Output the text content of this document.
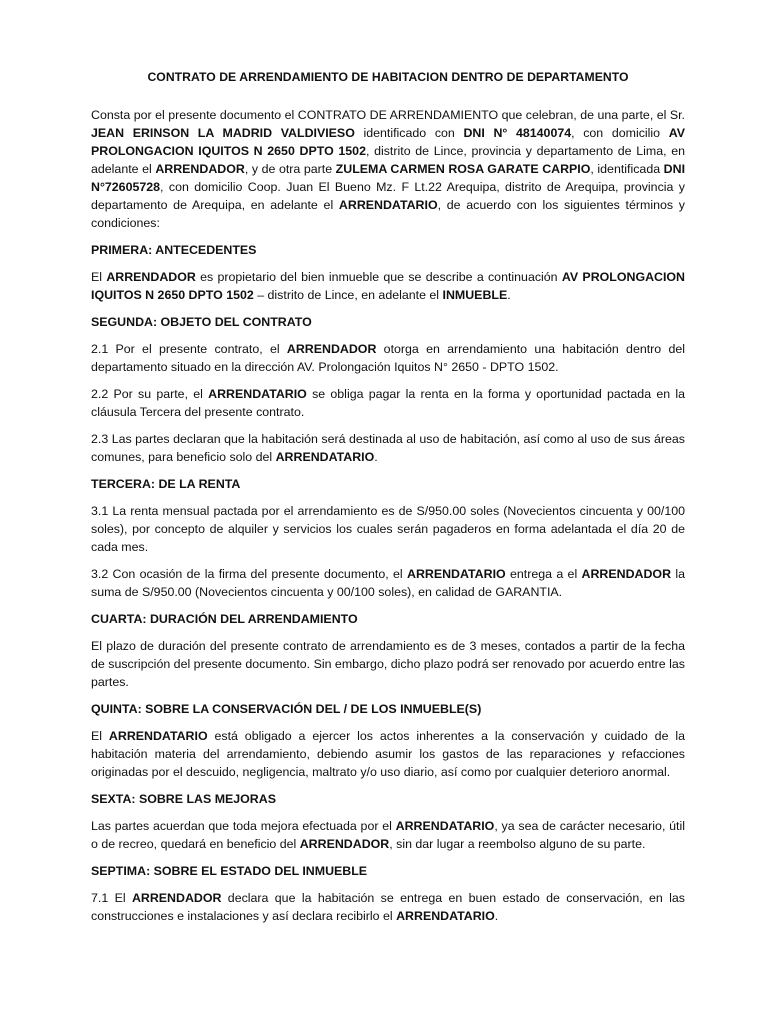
CONTRATO DE ARRENDAMIENTO DE HABITACION DENTRO DE DEPARTAMENTO
Consta por el presente documento el CONTRATO DE ARRENDAMIENTO que celebran, de una parte, el Sr. JEAN ERINSON LA MADRID VALDIVIESO identificado con DNI N° 48140074, con domicilio AV PROLONGACION IQUITOS N 2650 DPTO 1502, distrito de Lince, provincia y departamento de Lima, en adelante el ARRENDADOR, y de otra parte ZULEMA CARMEN ROSA GARATE CARPIO, identificada DNI N°72605728, con domicilio Coop. Juan El Bueno Mz. F Lt.22 Arequipa, distrito de Arequipa, provincia y departamento de Arequipa, en adelante el ARRENDATARIO, de acuerdo con los siguientes términos y condiciones:
PRIMERA: ANTECEDENTES
El ARRENDADOR es propietario del bien inmueble que se describe a continuación AV PROLONGACION IQUITOS N 2650 DPTO 1502 – distrito de Lince, en adelante el INMUEBLE.
SEGUNDA: OBJETO DEL CONTRATO
2.1 Por el presente contrato, el ARRENDADOR otorga en arrendamiento una habitación dentro del departamento situado en la dirección AV. Prolongación Iquitos N° 2650 - DPTO 1502.
2.2 Por su parte, el ARRENDATARIO se obliga pagar la renta en la forma y oportunidad pactada en la cláusula Tercera del presente contrato.
2.3 Las partes declaran que la habitación será destinada al uso de habitación, así como al uso de sus áreas comunes, para beneficio solo del ARRENDATARIO.
TERCERA: DE LA RENTA
3.1 La renta mensual pactada por el arrendamiento es de S/950.00 soles (Novecientos cincuenta y 00/100 soles), por concepto de alquiler y servicios los cuales serán pagaderos en forma adelantada el día 20 de cada mes.
3.2 Con ocasión de la firma del presente documento, el ARRENDATARIO entrega a el ARRENDADOR la suma de S/950.00 (Novecientos cincuenta y 00/100 soles), en calidad de GARANTIA.
CUARTA: DURACIÓN DEL ARRENDAMIENTO
El plazo de duración del presente contrato de arrendamiento es de 3 meses, contados a partir de la fecha de suscripción del presente documento. Sin embargo, dicho plazo podrá ser renovado por acuerdo entre las partes.
QUINTA: SOBRE LA CONSERVACIÓN DEL / DE LOS INMUEBLE(S)
El ARRENDATARIO está obligado a ejercer los actos inherentes a la conservación y cuidado de la habitación materia del arrendamiento, debiendo asumir los gastos de las reparaciones y refacciones originadas por el descuido, negligencia, maltrato y/o uso diario, así como por cualquier deterioro anormal.
SEXTA: SOBRE LAS MEJORAS
Las partes acuerdan que toda mejora efectuada por el ARRENDATARIO, ya sea de carácter necesario, útil o de recreo, quedará en beneficio del ARRENDADOR, sin dar lugar a reembolso alguno de su parte.
SEPTIMA: SOBRE EL ESTADO DEL INMUEBLE
7.1 El ARRENDADOR declara que la habitación se entrega en buen estado de conservación, en las construcciones e instalaciones y así declara recibirlo el ARRENDATARIO.
